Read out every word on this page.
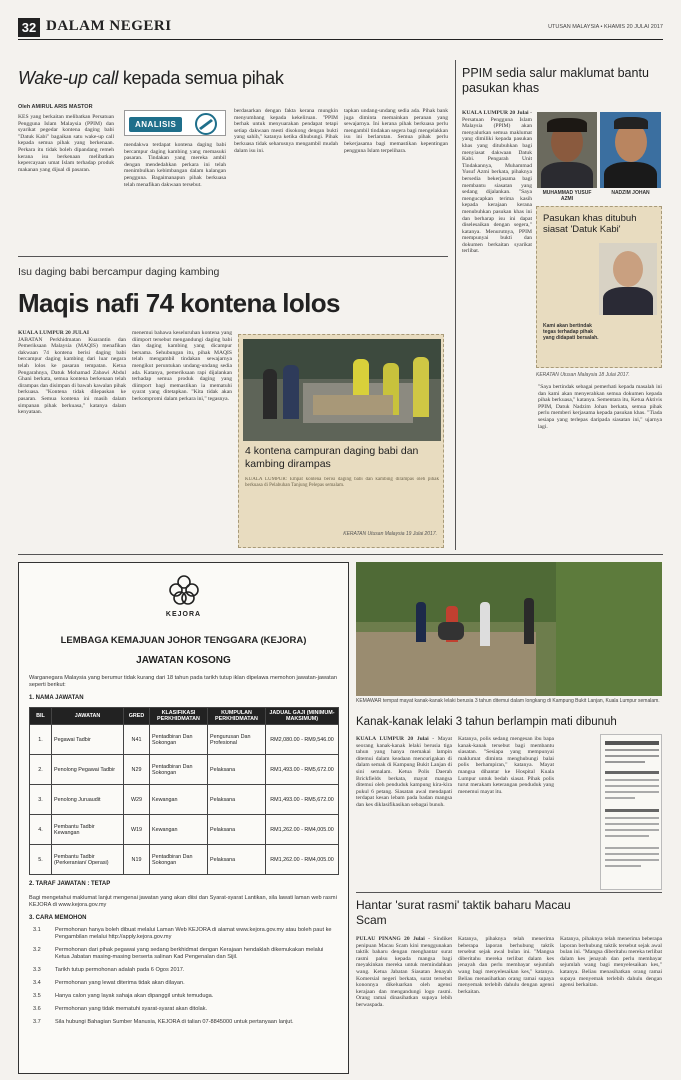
32 DALAM NEGERI	UTUSAN MALAYSIA • KHAMIS 20 JULAI 2017
Wake-up call kepada semua pihak
Oleh AMIRUL ARIS MASTOR
KES yang berkaitan melibatkan Persatuan Pengguna Islam Malaysia (PPIM) dan syarikat pegedar kontena daging babi "Datuk Kabi" bagaikan satu wake-up call kepada semua pihak yang berkenaan. Perkara itu tidak boleh dipandang remeh kerana isu berkenaan melibatkan kepercayaan umat Islam terhadap produk makanan yang dijual di pasaran.
ANALISIS
mendakwa terdapat kontena daging babi bercampur daging kambing yang memasuki pasaran. Tindakan yang mereka ambil dengan mendedahkan perkara ini telah menimbulkan kebimbangan dalam kalangan pengguna. Bagaimanapun pihak berkuasa telah menafikan dakwaan tersebut.
berdasarkan dengan fakta kerana mungkin menyumbang kepada kekeliruan. "PPIM berhak untuk menyuarakan pendapat tetapi setiap dakwaan mesti disokong dengan bukti yang sahih," katanya ketika dihubungi. Pihak berkuasa tidak seharusnya mengambil mudah dalam isu ini.
tapkan undang-undang sedia ada. Pihak bank juga diminta memainkan peranan yang sewajarnya. Ini kerana pihak berkuasa perlu mengambil tindakan segera bagi mengelakkan isu ini berlarutan. Semua pihak perlu bekerjasama bagi memastikan kepentingan pengguna Islam terpelihara.
PPIM sedia salur maklumat bantu pasukan khas
KUALA LUMPUR 20 Julai - Persatuan Pengguna Islam Malaysia (PPIM) akan menyalurkan semua maklumat yang dimiliki kepada pasukan khas yang ditubuhkan bagi menyiasat dakwaan Datuk Kabi. Pengarah Unit Tindakannya, Muhammad Yusuf Azmi berkata, pihaknya bersedia bekerjasama bagi membantu siasatan yang sedang dijalankan. "Saya mengucapkan terima kasih kepada kerajaan kerana menubuhkan pasukan khas ini dan berharap isu ini dapat diselesaikan dengan segera," katanya. Menurutnya, PPIM mempunyai bukti dan dokumen berkaitan syarikat terlibat.
MUHAMMAD YUSUF AZMI
NADZIM JOHAN
Pasukan khas ditubuh siasat 'Datuk Kabi'
Kami akan bertindak tegas terhadap pihak yang didapati bersalah.
KERATAN Utusan Malaysia 18 Julai 2017.
"Saya bertindak sebagai pemerhati kepada masalah ini dan kami akan menyerahkan semua dokumen kepada pihak berkuasa," katanya. Sementara itu, Ketua Aktivis PPIM, Datuk Nadzim Johan berkata, semua pihak perlu memberi kerjasama kepada pasukan khas. "Tiada sesiapa yang terlepas daripada siasatan ini," ujarnya lagi.
Isu daging babi bercampur daging kambing
Maqis nafi 74 kontena lolos
KUALA LUMPUR 20 JULAI
JABATAN Perkhidmatan Kuarantin dan Pemeriksaan Malaysia (MAQIS) menafikan dakwaan 74 kontena berisi daging babi bercampur daging kambing dari luar negara telah lolos ke pasaran tempatan. Ketua Pengarahnya, Datuk Mohamad Zabawi Abdul Ghani berkata, semua kontena berkenaan telah dirampas dan disimpan di bawah kawalan pihak berkuasa. "Kontena tidak dilepaskan ke pasaran. Semua kontena ini masih dalam simpanan pihak berkuasa," katanya dalam kenyataan.
menemui bahawa keseluruhan kontena yang diimport tersebut mengandungi daging babi dan daging kambing yang dicampur bersama. Sehubungan itu, pihak MAQIS telah mengambil tindakan sewajarnya mengikut peruntukan undang-undang sedia ada. Katanya, pemeriksaan rapi dijalankan terhadap semua produk daging yang diimport bagi memastikan ia mematuhi syarat yang ditetapkan. "Kita tidak akan berkompromi dalam perkara ini," tegasnya.
4 kontena campuran daging babi dan kambing dirampas
KUALA LUMPUR: Empat kontena berisi daging babi dan kambing dirampas oleh pihak berkuasa di Pelabuhan Tanjung Pelepas semalam.
KERATAN Utusan Malaysia 19 Julai 2017.
KEJORA
LEMBAGA KEMAJUAN JOHOR TENGGARA (KEJORA)
JAWATAN KOSONG
Warganegara Malaysia yang berumur tidak kurang dari 18 tahun pada tarikh tutup iklan dipelawa memohon jawatan-jawatan seperti berikut:
1. NAMA JAWATAN
BIL	JAWATAN	GRED	KLASIFIKASI PERKHIDMATAN	KUMPULAN PERKHIDMATAN	JADUAL GAJI (MINIMUM-MAKSIMUM)
1.	Pegawai Tadbir	N41	Pentadbiran Dan Sokongan	Pengurusan Dan Profesional	RM2,080.00 - RM9,546.00
2.	Penolong Pegawai Tadbir	N29	Pentadbiran Dan Sokongan	Pelaksana	RM1,493.00 - RM5,672.00
3.	Penolong Juruaudit	W29	Kewangan	Pelaksana	RM1,493.00 - RM5,672.00
4.	Pembantu Tadbir Kewangan	W19	Kewangan	Pelaksana	RM1,262.00 - RM4,005.00
5.	Pembantu Tadbir (Perkeranian/ Operasi)	N19	Pentadbiran Dan Sokongan	Pelaksana	RM1,262.00 - RM4,005.00
2. TARAF JAWATAN : TETAP
Bagi mengetahui maklumat lanjut mengenai jawatan yang akan diisi dan Syarat-syarat Lantikan, sila lawati laman web rasmi KEJORA di www.kejora.gov.my
3. CARA MEMOHON
3.1	Permohonan hanya boleh dibuat melalui Laman Web KEJORA di alamat www.kejora.gov.my atau boleh paut ke Pengambilan melalui http://apply.kejora.gov.my
3.2	Permohonan dari pihak pegawai yang sedang berkhidmat dengan Kerajaan hendaklah dikemukakan melalui Ketua Jabatan masing-masing berserta salinan Kad Pengenalan dan Sijil.
3.3	Tarikh tutup permohonan adalah pada 6 Ogos 2017.
3.4	Permohonan yang lewat diterima tidak akan dilayan.
3.5	Hanya calon yang layak sahaja akan dipanggil untuk temuduga.
3.6	Permohonan yang tidak mematuhi syarat-syarat akan ditolak.
3.7	Sila hubungi Bahagian Sumber Manusia, KEJORA di talian 07-8845000 untuk pertanyaan lanjut.
KEMAWAR tempat mayat kanak-kanak lelaki berusia 3 tahun ditemui dalam longkang di Kampung Bukit Lanjan, Kuala Lumpur semalam.
Kanak-kanak lelaki 3 tahun berlampin mati dibunuh
KUALA LUMPUR 20 Julai - Mayat seorang kanak-kanak lelaki berusia tiga tahun yang hanya memakai lampin ditemui dalam keadaan mencurigakan di dalam semak di Kampung Bukit Lanjan di sini semalam. Ketua Polis Daerah Brickfields berkata, mayat mangsa ditemui oleh penduduk kampung kira-kira pukul 6 petang. Siasatan awal mendapati terdapat kesan lebam pada badan mangsa dan kes diklasifikasikan sebagai bunuh.
Katanya, polis sedang mengesan ibu bapa kanak-kanak tersebut bagi membantu siasatan. "Sesiapa yang mempunyai maklumat diminta menghubungi balai polis berhampiran," katanya. Mayat mangsa dihantar ke Hospital Kuala Lumpur untuk bedah siasat. Pihak polis turut merakam keterangan penduduk yang menemui mayat itu.
Hantar 'surat rasmi' taktik baharu Macau Scam
PULAU PINANG 20 Julai - Sindiket penipuan Macau Scam kini menggunakan taktik baharu dengan menghantar surat rasmi palsu kepada mangsa bagi meyakinkan mereka untuk memindahkan wang. Ketua Jabatan Siasatan Jenayah Komersial negeri berkata, surat tersebut kononnya dikeluarkan oleh agensi kerajaan dan mengandungi logo rasmi. Orang ramai dinasihatkan supaya lebih berwaspada.
Katanya, pihaknya telah menerima beberapa laporan berhubung taktik tersebut sejak awal bulan ini. "Mangsa diberitahu mereka terlibat dalam kes jenayah dan perlu membayar sejumlah wang bagi menyelesaikan kes," katanya. Beliau menasihatkan orang ramai supaya menyemak terlebih dahulu dengan agensi berkaitan.
Katanya, pihaknya telah menerima beberapa laporan berhubung taktik tersebut sejak awal bulan ini. "Mangsa diberitahu mereka terlibat dalam kes jenayah dan perlu membayar sejumlah wang bagi menyelesaikan kes," katanya. Beliau menasihatkan orang ramai supaya menyemak terlebih dahulu dengan agensi berkaitan.
